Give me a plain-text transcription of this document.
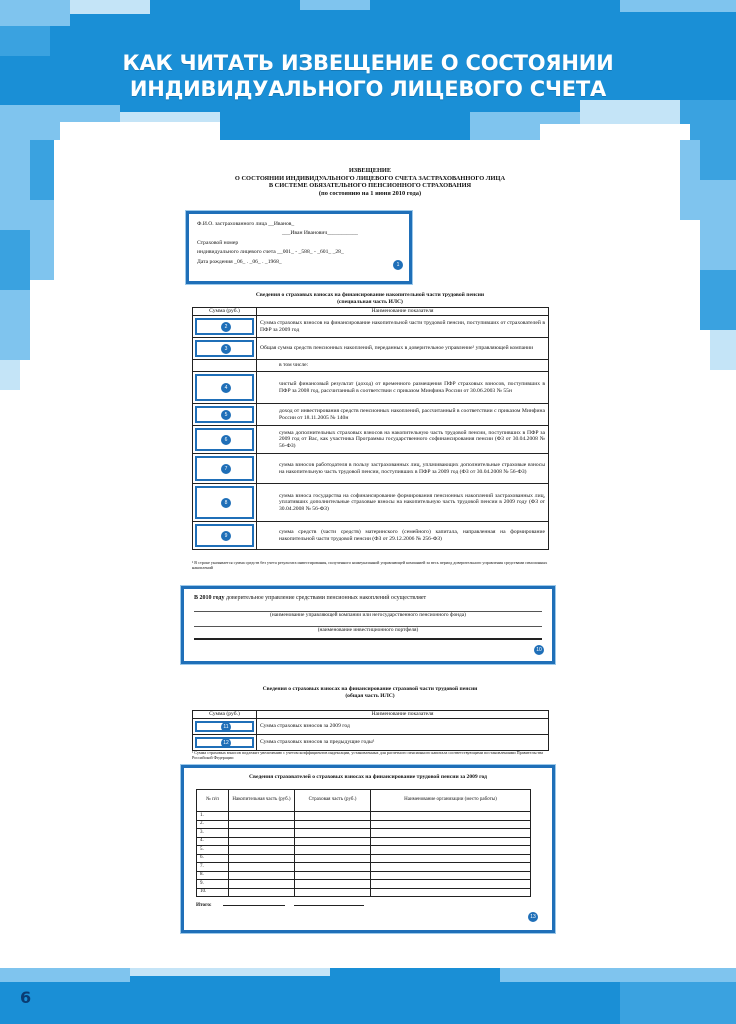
КАК ЧИТАТЬ ИЗВЕЩЕНИЕ О СОСТОЯНИИ
ИНДИВИДУАЛЬНОГО ЛИЦЕВОГО СЧЕТА
ИЗВЕЩЕНИЕ
О СОСТОЯНИИ ИНДИВИДУАЛЬНОГО ЛИЦЕВОГО СЧЕТА ЗАСТРАХОВАННОГО ЛИЦА
В СИСТЕМЕ ОБЯЗАТЕЛЬНОГО ПЕНСИОННОГО СТРАХОВАНИЯ
(по состоянию на 1 июня 2010 года)
Ф.И.О. застрахованного лица __Иванов_
___Иван Иванович___________
Страховой номер
индивидуального лицевого счета __001_ - _588_ - _601_ _28_
Дата рождения _06_ . _06_ . _1968_
1
Сведения о страховых взносах на финансирование накопительной части трудовой пенсии
(специальная часть ИЛС)
Сумма (руб.)	Наименование показателя

2	Сумма страховых взносов на финансирование накопительной части трудовой пенсии, поступивших от страхователей в ПФР за 2009 год

3	Общая сумма средств пенсионных накоплений, переданных в доверительное управление¹ управляющей компании
	в том числе:

4	чистый финансовый результат (доход) от временного размещения ПФР страховых взносов, поступивших в ПФР за 2008 год, рассчитанный в соответствии с приказом Минфина России от 30.06.2003 № 55н

5	доход от инвестирования средств пенсионных накоплений, рассчитанный в соответствии с приказом Минфина России от 18.11.2005 № 140н

6	сумма дополнительных страховых взносов на накопительную часть трудовой пенсии, поступивших в ПФР за 2009 год от Вас, как участника Программы государственного софинансирования пенсии (ФЗ от 30.04.2008 № 56-ФЗ)

7	сумма взносов работодателя в пользу застрахованных лиц, уплачивающих дополнительные страховые взносы на накопительную часть трудовой пенсии, поступивших в ПФР за 2009 год (ФЗ от 30.04.2008 № 56-ФЗ)

8	сумма взноса государства на софинансирование формирования пенсионных накоплений застрахованных лиц, уплативших дополнительные страховые взносы на накопительную часть трудовой пенсии в 2009 году (ФЗ от 30.04.2008 № 56-ФЗ)

9	сумма средств (части средств) материнского (семейного) капитала, направленная на формирование накопительной части трудовой пенсии (ФЗ от 29.12.2006 № 256-ФЗ)
¹ В строке указывается сумма средств без учета результата инвестирования, полученного нижеуказанной управляющей компанией за весь период доверительного управления средствами пенсионных накоплений
В 2010 году доверительное управление средствами пенсионных накоплений осуществляет
(наименование управляющей компании или негосударственного пенсионного фонда)
(наименование инвестиционного портфеля)
10
Сведения о страховых взносах на финансирование страховой части трудовой пенсии
(общая часть ИЛС)
Сумма (руб.)	Наименование показателя

11	Сумма страховых взносов за 2009 год

12	Сумма страховых взносов за предыдущие годы¹
¹ Сумма страховых взносов подлежит увеличению с учетом коэффициентов индексации, установленных для расчетного пенсионного капитала соответствующими постановлениями Правительства Российской Федерации
Сведения страхователей о страховых взносах на финансирование трудовой пенсии за 2009 год
№ п/п	Накопительная часть (руб.)	Страховая часть (руб.)	Наименование организации (место работы)
1.			
2.			
3.			
4.			
5.			
6.			
7.			
8.			
9.			
10.			
Итого:
13
6
